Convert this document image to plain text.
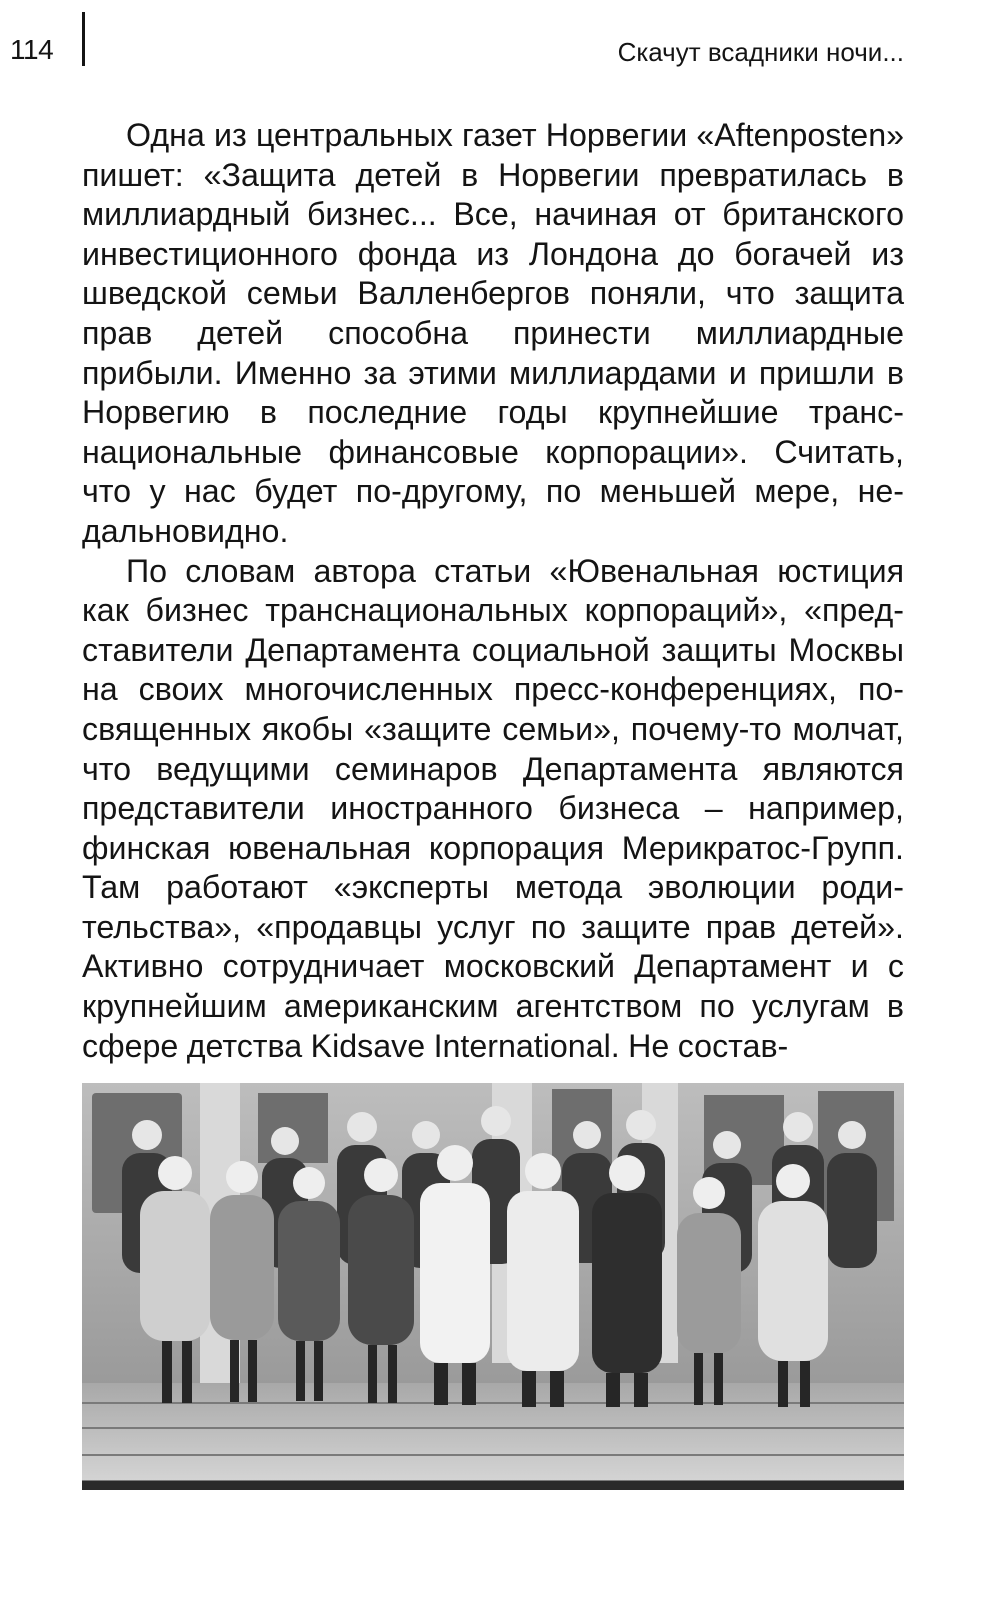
114	Скачут всадники ночи...

Одна из центральных газет Норвегии «Aftenposten» пишет: «Защита детей в Норвегии превратилась в миллиардный бизнес... Все, начиная от британского инвестиционного фонда из Лондона до богачей из шведской семьи Валленбергов поняли, что защита прав детей способна принести миллиардные прибыли. Именно за этими миллиардами и пришли в Норвегию в последние годы крупнейшие транснациональные финансовые корпорации». Считать, что у нас будет по-другому, по меньшей мере, недальновидно.

По словам автора статьи «Ювенальная юстиция как бизнес транснациональных корпораций», «представители Департамента социальной защиты Москвы на своих многочисленных пресс-конференциях, посвященных якобы «защите семьи», почему-то молчат, что ведущими семинаров Департамента являются представители иностранного бизнеса – например, финская ювенальная корпорация Мерикратос-Групп. Там работают «эксперты метода эволюции родительства», «продавцы услуг по защите прав детей». Активно сотрудничает московский Департамент и с крупнейшим американским агентством по услугам в сфере детства Kidsave International. Не состав-
